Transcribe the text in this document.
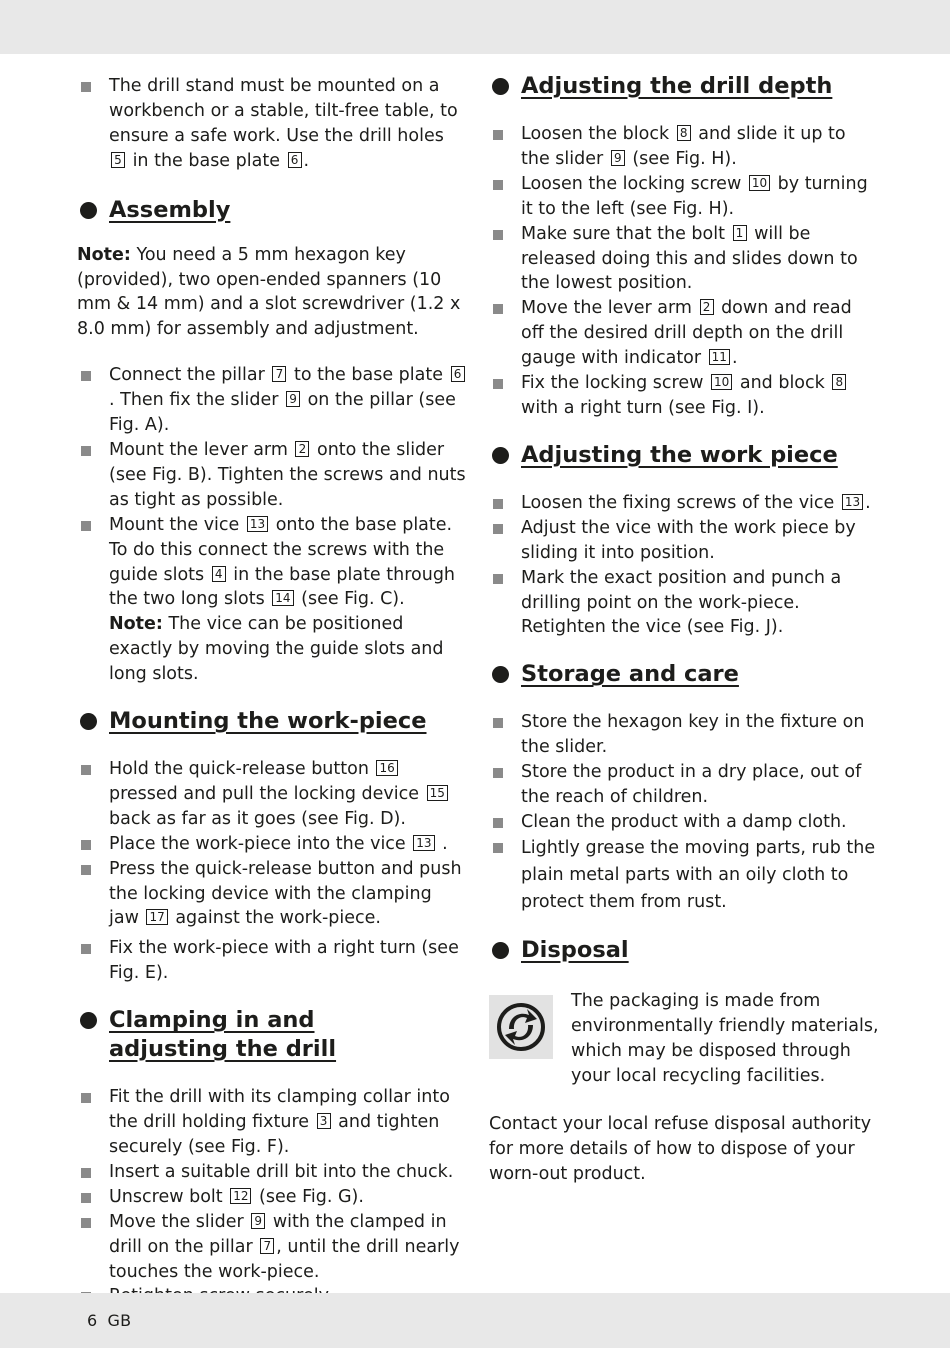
The drill stand must be mounted on a workbench or a stable, tilt-free table, to ensure a safe work. Use the drill holes 5 in the base plate 6 .
Assembly

Note: You need a 5 mm hexagon key (provided), two open-ended spanners (10 mm & 14 mm) and a slot screwdriver (1.2 x 8.0 mm) for assembly and adjustment.

Connect the pillar 7 to the base plate 6. Then fix the slider 9 on the pillar (see Fig. A).
Mount the lever arm 2 onto the slider (see Fig. B). Tighten the screws and nuts as tight as possible.
Mount the vice 13 onto the base plate. To do this connect the screws with the guide slots 4 in the base plate through the two long slots 14 (see Fig. C).
Note: The vice can be positioned exactly by moving the guide slots and long slots.
Mounting the work-piece
Hold the quick-release button 16 pressed and pull the locking device 15 back as far as it goes (see Fig. D).
Place the work-piece into the vice 13 .
Press the quick-release button and push the locking device with the clamping jaw 17 against the work-piece.
Fix the work-piece with a right turn (see Fig. E).
Clamping in and
adjusting the drill
Fit the drill with its clamping collar into the drill holding fixture 3 and tighten securely (see Fig. F).
Insert a suitable drill bit into the chuck.
Unscrew bolt 12 (see Fig. G).
Move the slider 9 with the clamped in drill on the pillar 7 , until the drill nearly touches the work-piece.
Adjusting the drill depth
Loosen the block 8 and slide it up to the slider 9 (see Fig. H).
Loosen the locking screw 10 by turning it to the left (see Fig. H).
Make sure that the bolt 1 will be released doing this and slides down to the lowest position.
Move the lever arm 2 down and read off the desired drill depth on the drill gauge with indicator 11 .
Fix the locking screw 10 and block 8 with a right turn (see Fig. I).
Adjusting the work piece
Loosen the fixing screws of the vice 13 .
Adjust the vice with the work piece by sliding it into position.
Mark the exact position and punch a drilling point on the work-piece. Retighten the vice (see Fig. J).
Storage and care
Store the hexagon key in the fixture on the slider.
Store the product in a dry place, out of the reach of children.
Clean the product with a damp cloth.
Lightly grease the moving parts, rub the plain metal parts with an oily cloth to protect them from rust.
Disposal
The packaging is made from environmentally friendly materials, which may be disposed through your local recycling facilities.

Contact your local refuse disposal authority for more details of how to dispose of your worn-out product.

6 GB
